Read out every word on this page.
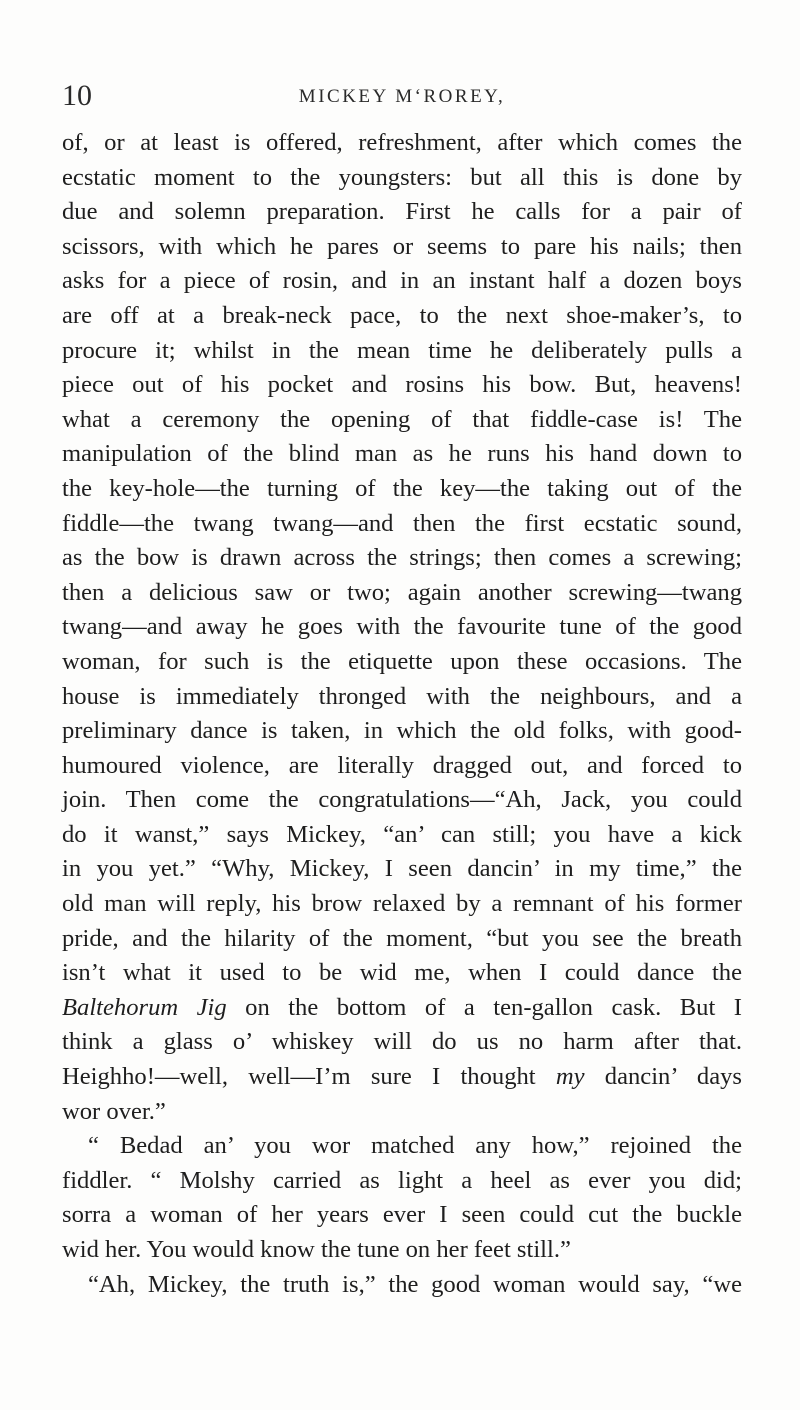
10	MICKEY M‘ROREY,
of, or at least is offered, refreshment, after which comes the
ecstatic moment to the youngsters: but all this is done by
due and solemn preparation. First he calls for a pair of
scissors, with which he pares or seems to pare his nails; then
asks for a piece of rosin, and in an instant half a dozen boys
are off at a break-neck pace, to the next shoe-maker’s, to
procure it; whilst in the mean time he deliberately pulls a
piece out of his pocket and rosins his bow. But, heavens!
what a ceremony the opening of that fiddle-case is! The
manipulation of the blind man as he runs his hand down to
the key-hole—the turning of the key—the taking out of the
fiddle—the twang twang—and then the first ecstatic sound,
as the bow is drawn across the strings; then comes a screwing;
then a delicious saw or two; again another screwing—twang
twang—and away he goes with the favourite tune of the good
woman, for such is the etiquette upon these occasions. The
house is immediately thronged with the neighbours, and a
preliminary dance is taken, in which the old folks, with good-
humoured violence, are literally dragged out, and forced to
join. Then come the congratulations—“Ah, Jack, you could
do it wanst,” says Mickey, “an’ can still; you have a kick
in you yet.” “Why, Mickey, I seen dancin’ in my time,” the
old man will reply, his brow relaxed by a remnant of his former
pride, and the hilarity of the moment, “but you see the breath
isn’t what it used to be wid me, when I could dance the
Baltehorum Jig on the bottom of a ten-gallon cask. But I
think a glass o’ whiskey will do us no harm after that.
Heighho!—well, well—I’m sure I thought my dancin’ days
wor over.”
“ Bedad an’ you wor matched any how,” rejoined the
fiddler. “ Molshy carried as light a heel as ever you did;
sorra a woman of her years ever I seen could cut the buckle
wid her. You would know the tune on her feet still.”
“Ah, Mickey, the truth is,” the good woman would say, “we
